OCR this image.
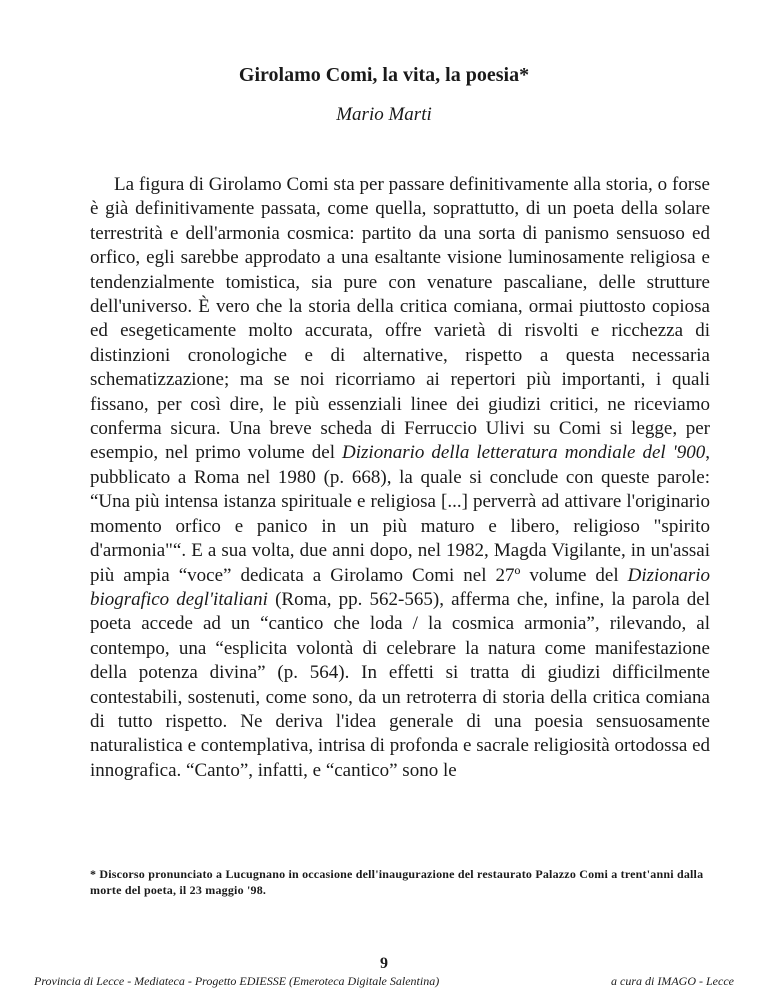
Girolamo Comi, la vita, la poesia*
Mario Marti

La figura di Girolamo Comi sta per passare definitivamente alla storia, o forse è già definitivamente passata, come quella, soprattutto, di un poeta della solare terrestrità e dell'armonia cosmica: partito da una sorta di panismo sensuoso ed orfico, egli sarebbe approdato a una esaltante visione luminosamente religiosa e tendenzialmente tomistica, sia pure con venature pascaliane, delle strutture dell'universo. È vero che la storia della critica comiana, ormai piuttosto copiosa ed esegeticamente molto accurata, offre varietà di risvolti e ricchezza di distinzioni cronologiche e di alternative, rispetto a questa necessaria schematizzazione; ma se noi ricorriamo ai repertori più importanti, i quali fissano, per così dire, le più essenziali linee dei giudizi critici, ne riceviamo conferma sicura. Una breve scheda di Ferruccio Ulivi su Comi si legge, per esempio, nel primo volume del Dizionario della letteratura mondiale del '900, pubblicato a Roma nel 1980 (p. 668), la quale si conclude con queste parole: “Una più intensa istanza spirituale e religiosa [...] perverrà ad attivare l'originario momento orfico e panico in un più maturo e libero, religioso "spirito d'armonia"“. E a sua volta, due anni dopo, nel 1982, Magda Vigilante, in un'assai più ampia “voce” dedicata a Girolamo Comi nel 27º volume del Dizionario biografico degl'italiani (Roma, pp. 562-565), afferma che, infine, la parola del poeta accede ad un “cantico che loda / la cosmica armonia”, rilevando, al contempo, una “esplicita volontà di celebrare la natura come manifestazione della potenza divina” (p. 564). In effetti si tratta di giudizi difficilmente contestabili, sostenuti, come sono, da un retroterra di storia della critica comiana di tutto rispetto. Ne deriva l'idea generale di una poesia sensuosamente naturalistica e contemplativa, intrisa di profonda e sacrale religiosità ortodossa ed innografica. “Canto”, infatti, e “cantico” sono le

* Discorso pronunciato a Lucugnano in occasione dell'inaugurazione del restaurato Palazzo Comi a trent'anni dalla morte del poeta, il 23 maggio '98.
9
Provincia di Lecce - Mediateca - Progetto EDIESSE (Emeroteca Digitale Salentina)	a cura di IMAGO - Lecce
